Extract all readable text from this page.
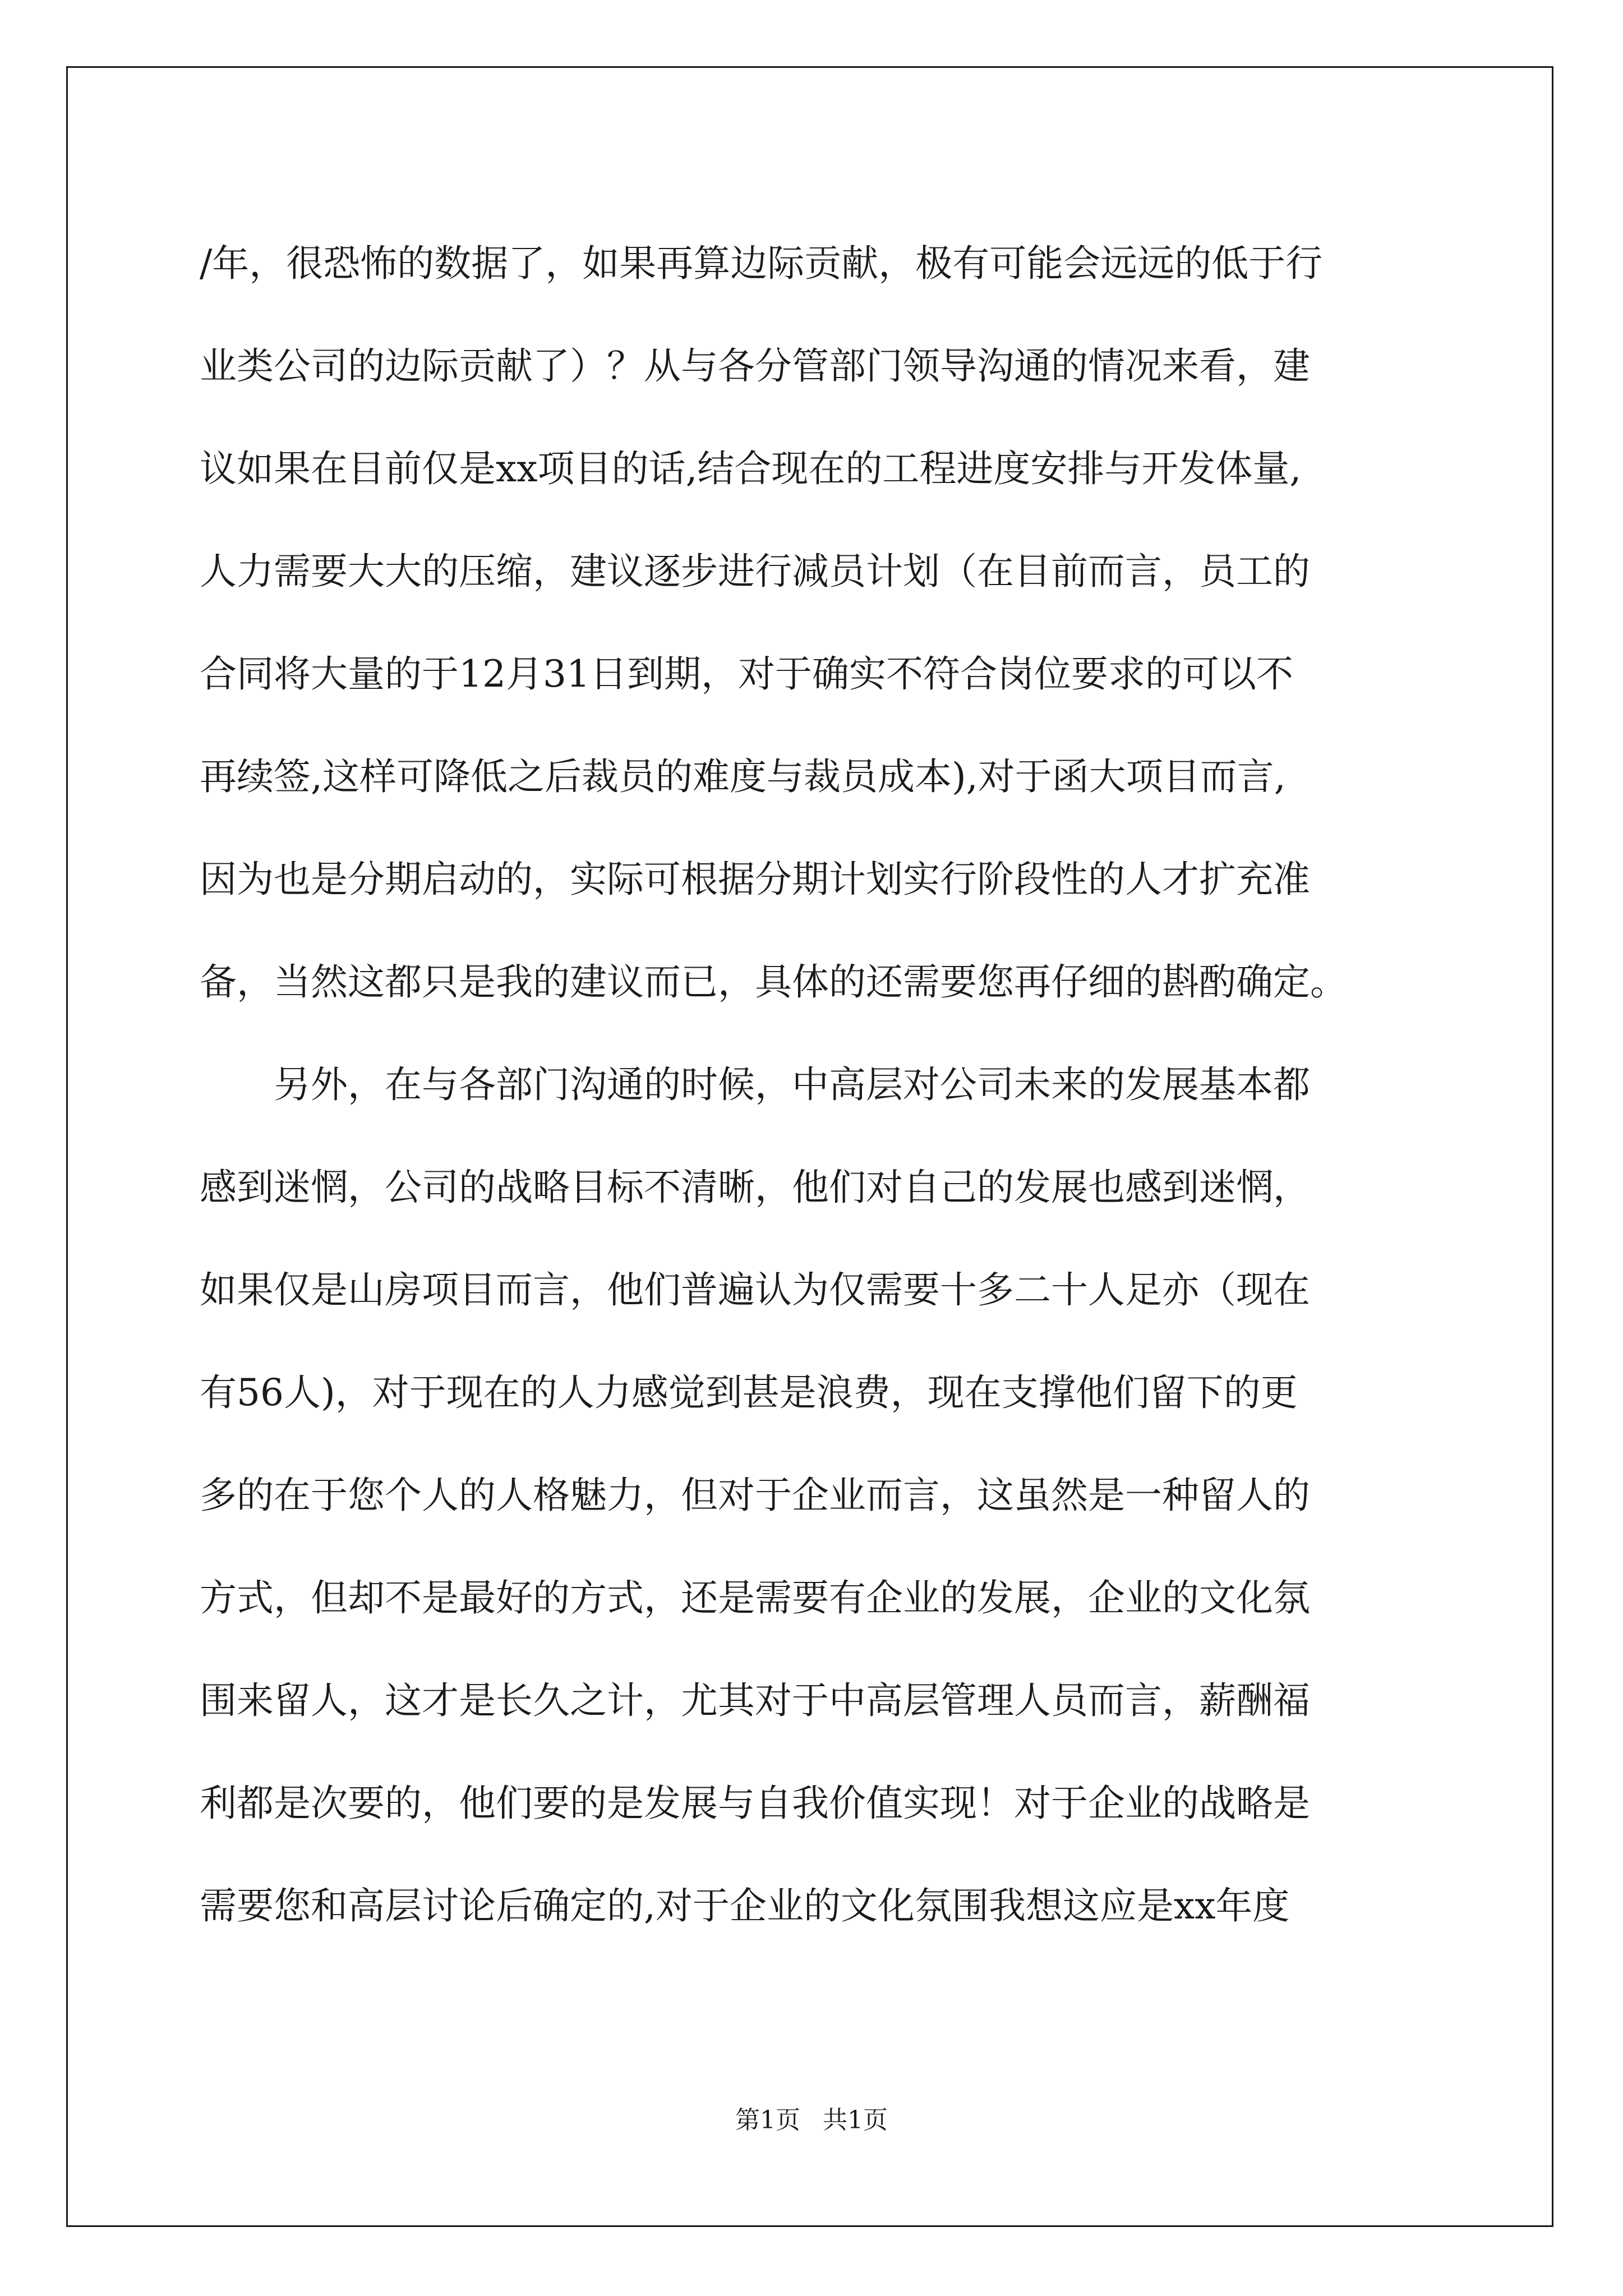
/年，很恐怖的数据了，如果再算边际贡献，极有可能会远远的低于行
业类公司的边际贡献了）？从与各分管部门领导沟通的情况来看，建
议如果在目前仅是xx项目的话,结合现在的工程进度安排与开发体量,
人力需要大大的压缩，建议逐步进行减员计划（在目前而言，员工的
合同将大量的于12月31日到期，对于确实不符合岗位要求的可以不
再续签,这样可降低之后裁员的难度与裁员成本),对于函大项目而言,
因为也是分期启动的，实际可根据分期计划实行阶段性的人才扩充准
备，当然这都只是我的建议而已，具体的还需要您再仔细的斟酌确定。
　　另外，在与各部门沟通的时候，中高层对公司未来的发展基本都
感到迷惘，公司的战略目标不清晰，他们对自己的发展也感到迷惘，
如果仅是山房项目而言，他们普遍认为仅需要十多二十人足亦（现在
有56人)，对于现在的人力感觉到甚是浪费，现在支撑他们留下的更
多的在于您个人的人格魅力，但对于企业而言，这虽然是一种留人的
方式，但却不是最好的方式，还是需要有企业的发展，企业的文化氛
围来留人，这才是长久之计，尤其对于中高层管理人员而言，薪酬福
利都是次要的，他们要的是发展与自我价值实现！对于企业的战略是
需要您和高层讨论后确定的,对于企业的文化氛围我想这应是xx年度
第1页 共1页
